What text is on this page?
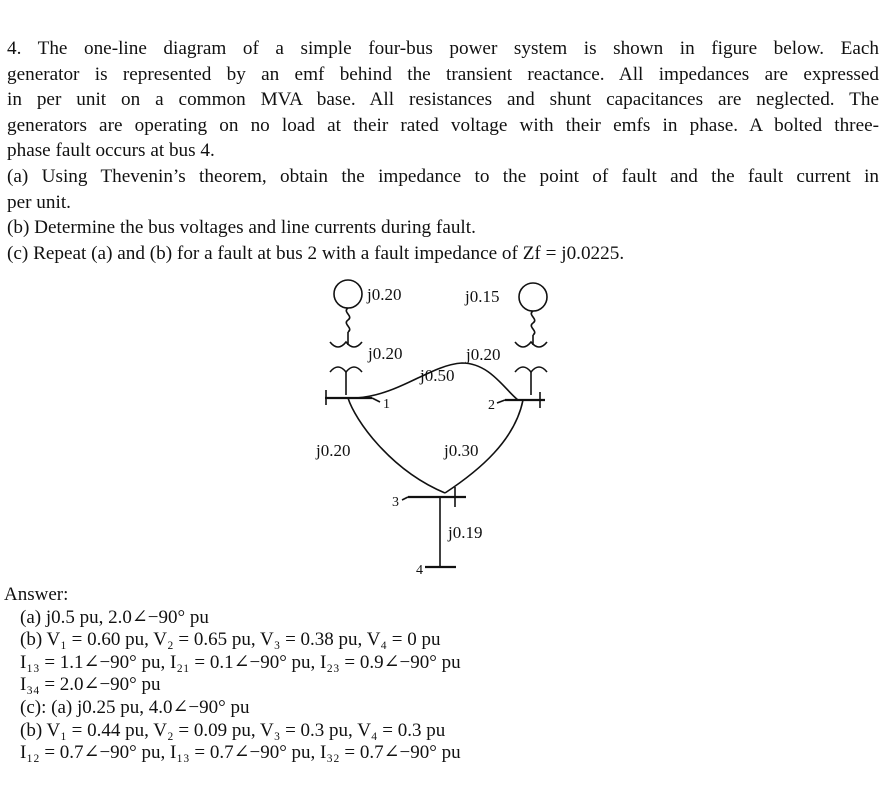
4. The one-line diagram of a simple four-bus power system is shown in figure below. Each
generator is represented by an emf behind the transient reactance. All impedances are expressed
in per unit on a common MVA base. All resistances and shunt capacitances are neglected. The
generators are operating on no load at their rated voltage with their emfs in phase. A bolted three-
phase fault occurs at bus 4.
(a) Using Thevenin’s theorem, obtain the impedance to the point of fault and the fault current in
per unit.
(b) Determine the bus voltages and line currents during fault.
(c) Repeat (a) and (b) for a fault at bus 2 with a fault impedance of Zf = j0.0225.
j0.20	j0.15
j0.20	j0.20
j0.50
j0.20	j0.30
j0.19
1	2
3
4
Answer:
(a) j0.5 pu, 2.0∠−90° pu
(b) V₁ = 0.60 pu, V₂ = 0.65 pu, V₃ = 0.38 pu, V₄ = 0 pu
I₁₃ = 1.1∠−90° pu, I₂₁ = 0.1∠−90° pu, I₂₃ = 0.9∠−90° pu
I₃₄ = 2.0∠−90° pu
(c): (a) j0.25 pu, 4.0∠−90° pu
(b) V₁ = 0.44 pu, V₂ = 0.09 pu, V₃ = 0.3 pu, V₄ = 0.3 pu
I₁₂ = 0.7∠−90° pu, I₁₃ = 0.7∠−90° pu, I₃₂ = 0.7∠−90° pu
